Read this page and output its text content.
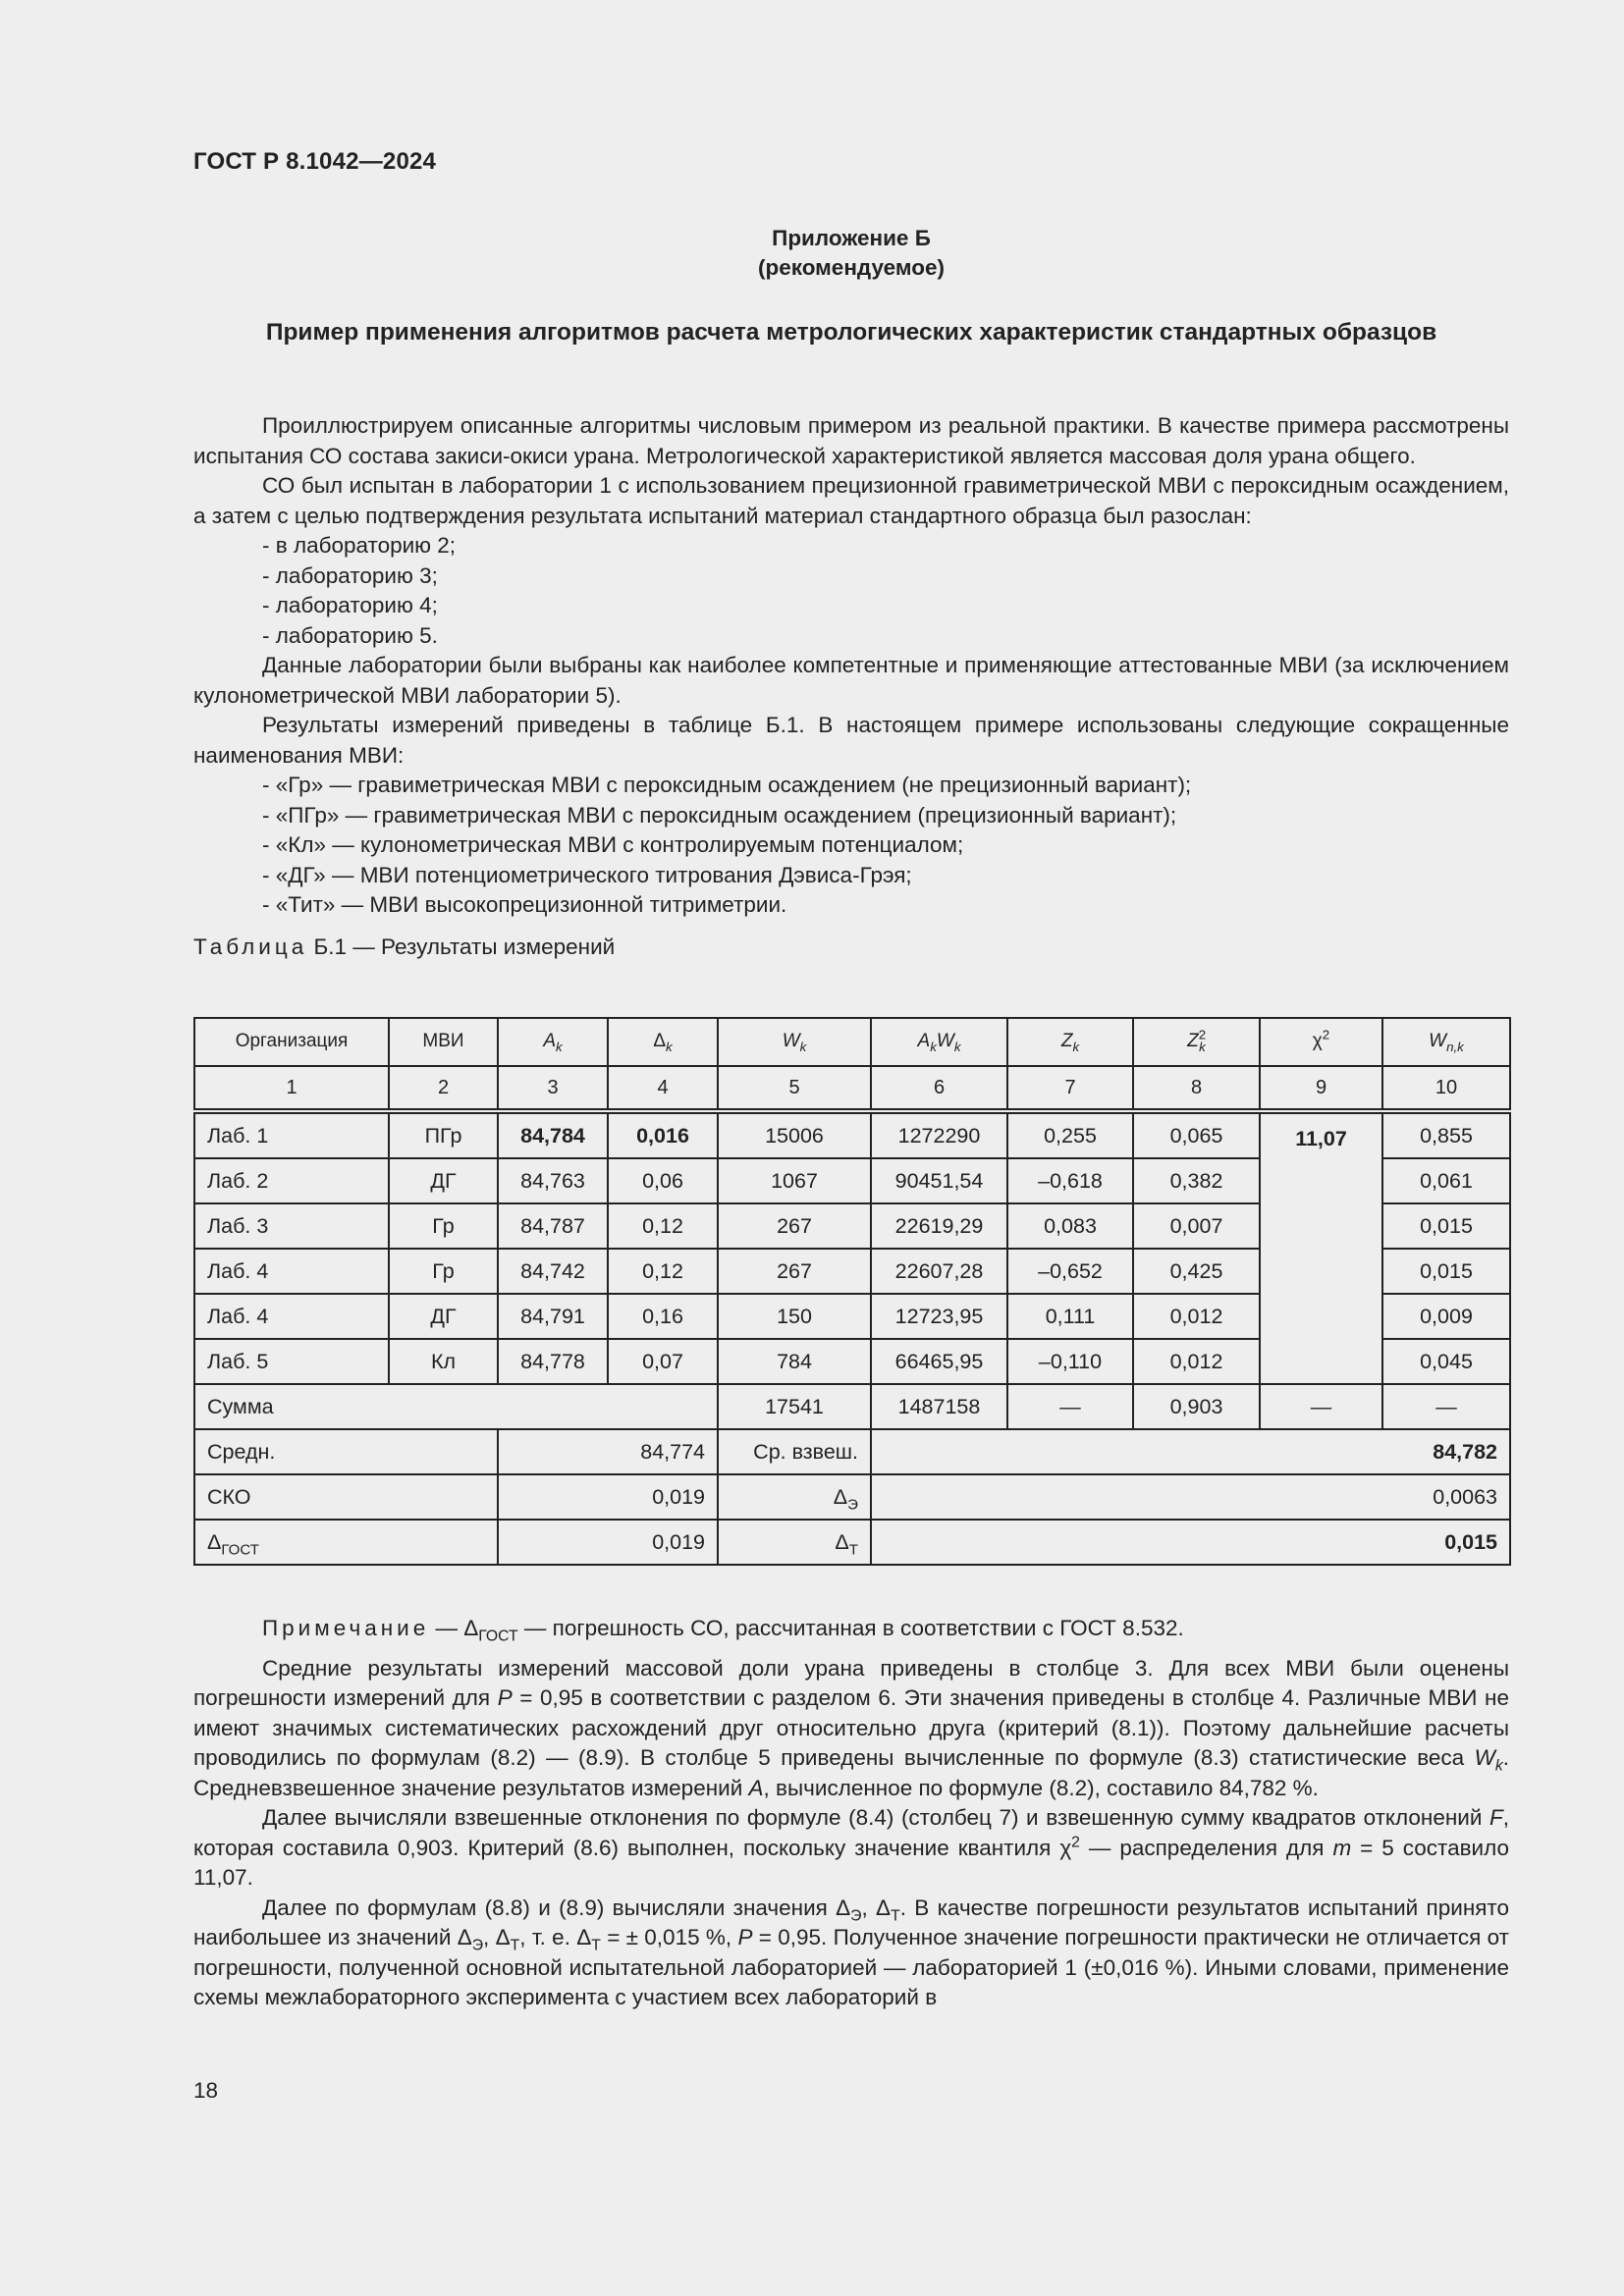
ГОСТ Р 8.1042—2024
Приложение Б
(рекомендуемое)
Пример применения алгоритмов расчета метрологических характеристик стандартных образцов

Проиллюстрируем описанные алгоритмы числовым примером из реальной практики. В качестве примера рассмотрены испытания СО состава закиси-окиси урана. Метрологической характеристикой является массовая доля урана общего.

СО был испытан в лаборатории 1 с использованием прецизионной гравиметрической МВИ с пероксидным осаждением, а затем с целью подтверждения результата испытаний материал стандартного образца был разослан:

- в лабораторию 2;

- лабораторию 3;

- лабораторию 4;

- лабораторию 5.

Данные лаборатории были выбраны как наиболее компетентные и применяющие аттестованные МВИ (за исключением кулонометрической МВИ лаборатории 5).

Результаты измерений приведены в таблице Б.1. В настоящем примере использованы следующие сокращенные наименования МВИ:

- «Гр» — гравиметрическая МВИ с пероксидным осаждением (не прецизионный вариант);

- «ПГр» — гравиметрическая МВИ с пероксидным осаждением (прецизионный вариант);

- «Кл» — кулонометрическая МВИ с контролируемым потенциалом;

- «ДГ» — МВИ потенциометрического титрования Дэвиса-Грэя;

- «Тит» — МВИ высокопрецизионной титриметрии.

Таблица Б.1 — Результаты измерений

Организация	МВИ	$A_k$	$\Delta_k$	$W_k$	$A_kW_k$	$Z_k$	$Z^2_k$	$\chi^2$	$W_{n,k}$
1	2	3	4	5	6	7	8	9	10
Лаб. 1	ПГр	84,784	0,016	15006	1272290	0,255	0,065	11,07	0,855
Лаб. 2	ДГ	84,763	0,06	1067	90451,54	–0,618	0,382		0,061
Лаб. 3	Гр	84,787	0,12	267	22619,29	0,083	0,007		0,015
Лаб. 4	Гр	84,742	0,12	267	22607,28	–0,652	0,425		0,015
Лаб. 4	ДГ	84,791	0,16	150	12723,95	0,111	0,012		0,009
Лаб. 5	Кл	84,778	0,07	784	66465,95	–0,110	0,012		0,045
Сумма				17541	1487158	—	0,903	—	—
Средн.		84,774		Ср. взвеш.	84,782				
СКО		0,019		$\Delta_Э$	0,0063				
$\Delta_{ГОСТ}$		0,019		$\Delta_Т$	0,015				

Примечание — $\Delta_{ГОСТ}$ — погрешность СО, рассчитанная в соответствии с ГОСТ 8.532.

Средние результаты измерений массовой доли урана приведены в столбце 3. Для всех МВИ были оценены погрешности измерений для P = 0,95 в соответствии с разделом 6. Эти значения приведены в столбце 4. Различные МВИ не имеют значимых систематических расхождений друг относительно друга (критерий (8.1)). Поэтому дальнейшие расчеты проводились по формулам (8.2) — (8.9). В столбце 5 приведены вычисленные по формуле (8.3) статистические веса $W_k$. Средневзвешенное значение результатов измерений A, вычисленное по формуле (8.2), составило 84,782 %.

Далее вычисляли взвешенные отклонения по формуле (8.4) (столбец 7) и взвешенную сумму квадратов отклонений F, которая составила 0,903. Критерий (8.6) выполнен, поскольку значение квантиля $\chi^2$ — распределения для m = 5 составило 11,07.

Далее по формулам (8.8) и (8.9) вычисляли значения $\Delta_Э$, $\Delta_Т$. В качестве погрешности результатов испытаний принято наибольшее из значений $\Delta_Э$, $\Delta_Т$, т. е. $\Delta_Т$ = ± 0,015 %, P = 0,95. Полученное значение погрешности практически не отличается от погрешности, полученной основной испытательной лабораторией — лабораторией 1 (±0,016 %). Иными словами, применение схемы межлабораторного эксперимента с участием всех лабораторий в

18
